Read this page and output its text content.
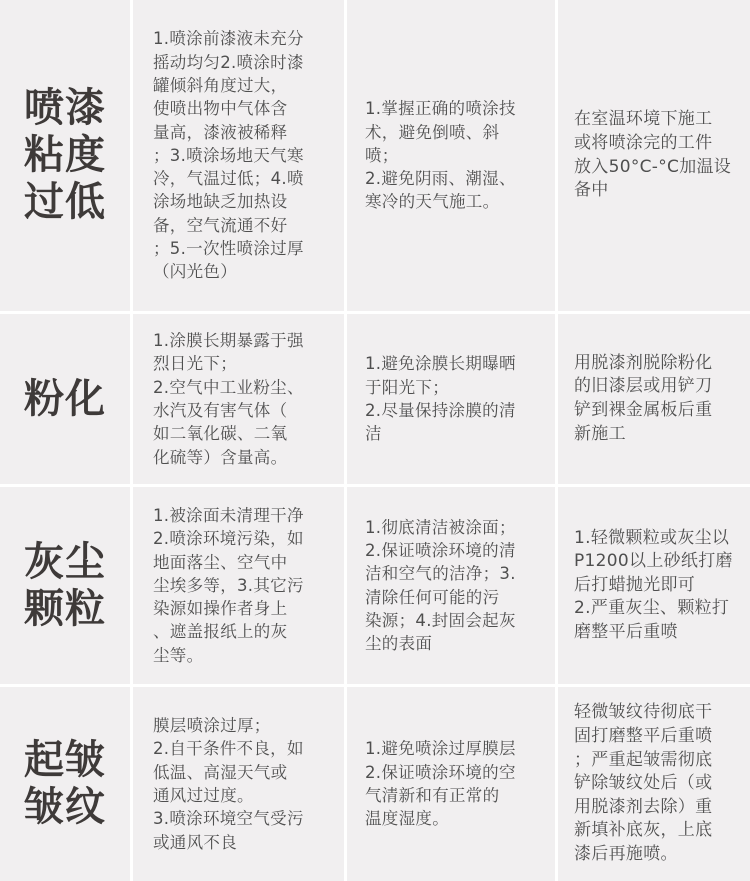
喷漆
粘度
过低
1.喷涂前漆液未充分
摇动均匀2.喷涂时漆
罐倾斜角度过大，
使喷出物中气体含
量高，漆液被稀释
；3.喷涂场地天气寒
冷，气温过低；4.喷
涂场地缺乏加热设
备，空气流通不好
；5.一次性喷涂过厚
（闪光色）
1.掌握正确的喷涂技
术，避免倒喷、斜
喷；
2.避免阴雨、潮湿、
寒冷的天气施工。
在室温环境下施工
或将喷涂完的工件
放入50°C-°C加温设
备中
粉化
1.涂膜长期暴露于强
烈日光下；
2.空气中工业粉尘、
水汽及有害气体（
如二氧化碳、二氧
化硫等）含量高。
1.避免涂膜长期曝晒
于阳光下；
2.尽量保持涂膜的清
洁
用脱漆剂脱除粉化
的旧漆层或用铲刀
铲到裸金属板后重
新施工
灰尘
颗粒
1.被涂面未清理干净
2.喷涂环境污染，如
地面落尘、空气中
尘埃多等，3.其它污
染源如操作者身上
、遮盖报纸上的灰
尘等。
1.彻底清洁被涂面；
2.保证喷涂环境的清
洁和空气的洁净；3.
清除任何可能的污
染源；4.封固会起灰
尘的表面
1.轻微颗粒或灰尘以
P1200以上砂纸打磨
后打蜡抛光即可
2.严重灰尘、颗粒打
磨整平后重喷
起皱
皱纹
膜层喷涂过厚；
2.自干条件不良，如
低温、高湿天气或
通风过过度。
3.喷涂环境空气受污
或通风不良
1.避免喷涂过厚膜层
2.保证喷涂环境的空
气清新和有正常的
温度湿度。
轻微皱纹待彻底干
固打磨整平后重喷
；严重起皱需彻底
铲除皱纹处后（或
用脱漆剂去除）重
新填补底灰，上底
漆后再施喷。
